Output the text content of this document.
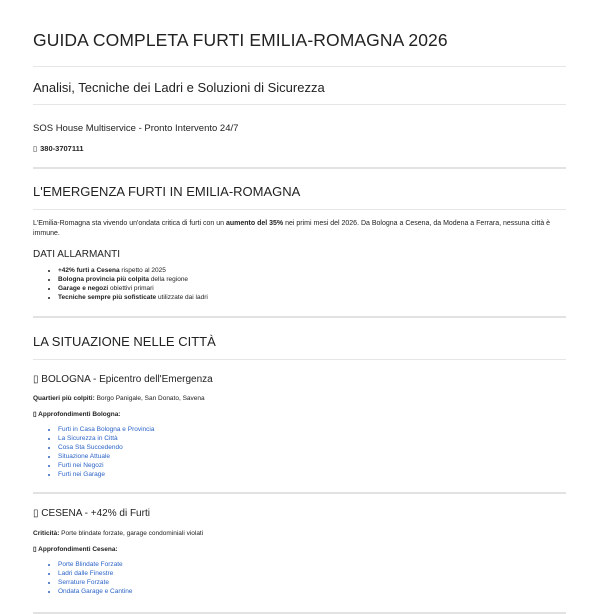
GUIDA COMPLETA FURTI EMILIA-ROMAGNA 2026
Analisi, Tecniche dei Ladri e Soluzioni di Sicurezza
SOS House Multiservice - Pronto Intervento 24/7
▯ 380-3707111
L'EMERGENZA FURTI IN EMILIA-ROMAGNA

L'Emilia-Romagna sta vivendo un'ondata critica di furti con un aumento del 35% nei primi mesi del 2026. Da Bologna a Cesena, da Modena a Ferrara, nessuna città è immune.

DATI ALLARMANTI
• +42% furti a Cesena rispetto al 2025
• Bologna provincia più colpita della regione
• Garage e negozi obiettivi primari
• Tecniche sempre più sofisticate utilizzate dai ladri
LA SITUAZIONE NELLE CITTÀ
▯ BOLOGNA - Epicentro dell'Emergenza

Quartieri più colpiti: Borgo Panigale, San Donato, Savena

▯ Approfondimenti Bologna:

• Furti in Casa Bologna e Provincia
• La Sicurezza in Città
• Cosa Sta Succedendo
• Situazione Attuale
• Furti nei Negozi
• Furti nei Garage
▯ CESENA - +42% di Furti

Criticità: Porte blindate forzate, garage condominiali violati

▯ Approfondimenti Cesena:

• Porte Blindate Forzate
• Ladri dalle Finestre
• Serrature Forzate
• Ondata Garage e Cantine
